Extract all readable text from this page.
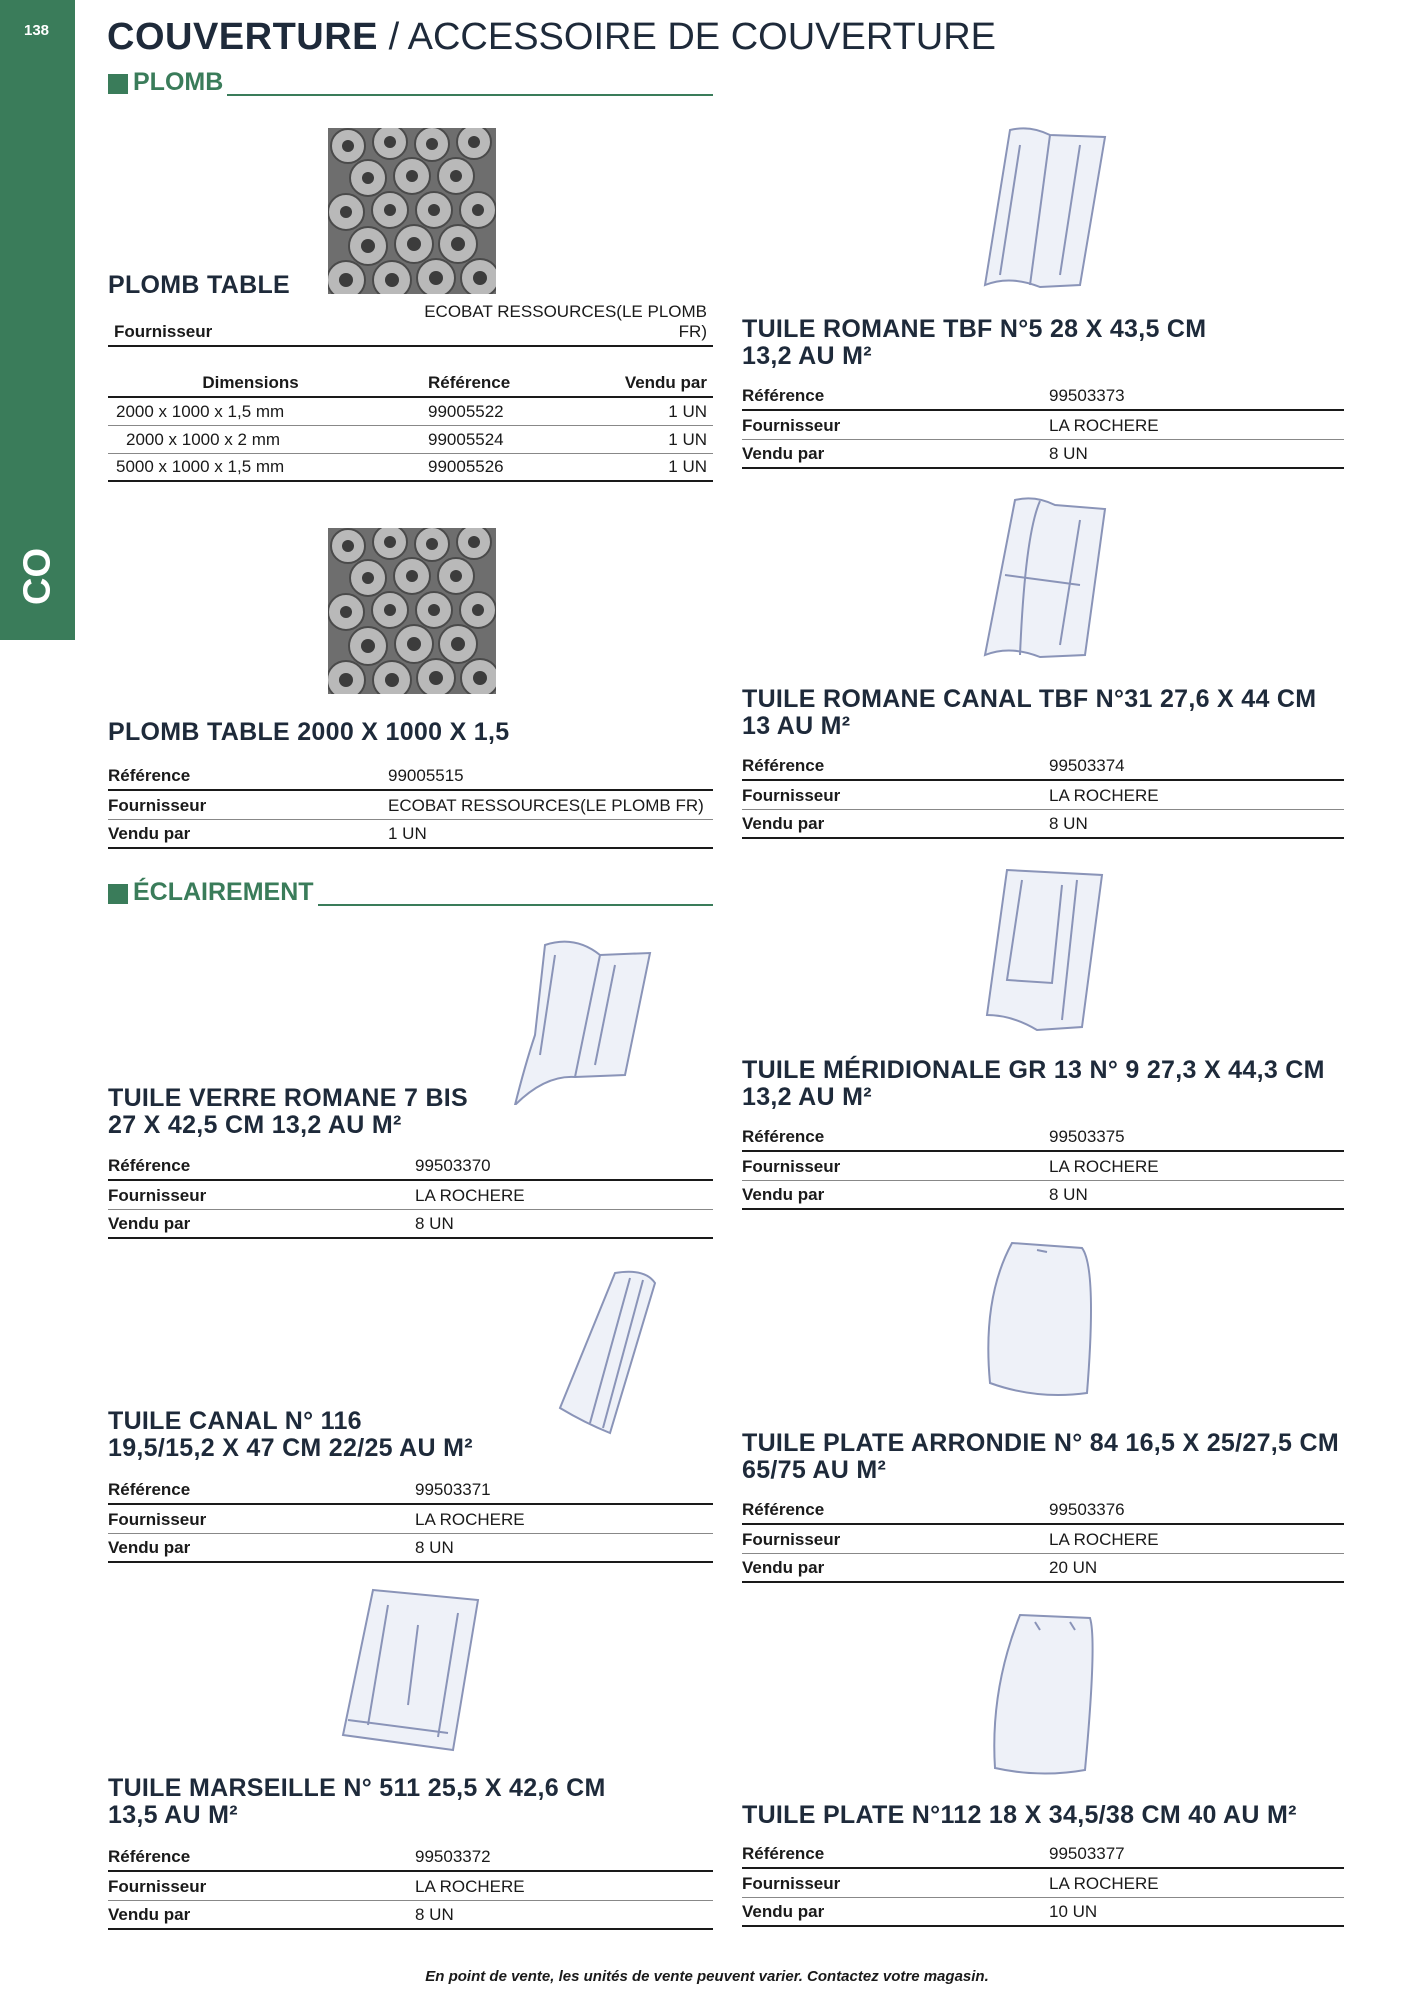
138
CO
COUVERTURE / ACCESSOIRE DE COUVERTURE
PLOMB
PLOMB TABLE
Fournisseur
ECOBAT RESSOURCES(LE PLOMB FR)
Dimensions	Référence	Vendu par
2000 x 1000 x 1,5 mm	99005522	1 UN
2000 x 1000 x 2 mm	99005524	1 UN
5000 x 1000 x 1,5 mm	99005526	1 UN
PLOMB TABLE 2000 X 1000 X 1,5
Référence	99005515
Fournisseur	ECOBAT RESSOURCES(LE PLOMB FR)
Vendu par	1 UN
ÉCLAIREMENT
TUILE VERRE ROMANE 7 BIS
27 X 42,5 CM 13,2 AU M²
Référence	99503370
Fournisseur	LA ROCHERE
Vendu par	8 UN
TUILE CANAL N° 116
19,5/15,2 X 47 CM 22/25 AU M²
Référence	99503371
Fournisseur	LA ROCHERE
Vendu par	8 UN
TUILE MARSEILLE N° 511 25,5 X 42,6 CM
13,5 AU M²
Référence	99503372
Fournisseur	LA ROCHERE
Vendu par	8 UN
TUILE ROMANE TBF N°5 28 X 43,5 CM
13,2 AU M²
Référence	99503373
Fournisseur	LA ROCHERE
Vendu par	8 UN
TUILE ROMANE CANAL TBF N°31 27,6 X 44 CM
13 AU M²
Référence	99503374
Fournisseur	LA ROCHERE
Vendu par	8 UN
TUILE MÉRIDIONALE GR 13 N° 9 27,3 X 44,3 CM
13,2 AU M²
Référence	99503375
Fournisseur	LA ROCHERE
Vendu par	8 UN
TUILE PLATE ARRONDIE N° 84 16,5 X 25/27,5 CM
65/75 AU M²
Référence	99503376
Fournisseur	LA ROCHERE
Vendu par	20 UN
TUILE PLATE N°112 18 X 34,5/38 CM 40 AU M²
Référence	99503377
Fournisseur	LA ROCHERE
Vendu par	10 UN
En point de vente, les unités de vente peuvent varier. Contactez votre magasin.
